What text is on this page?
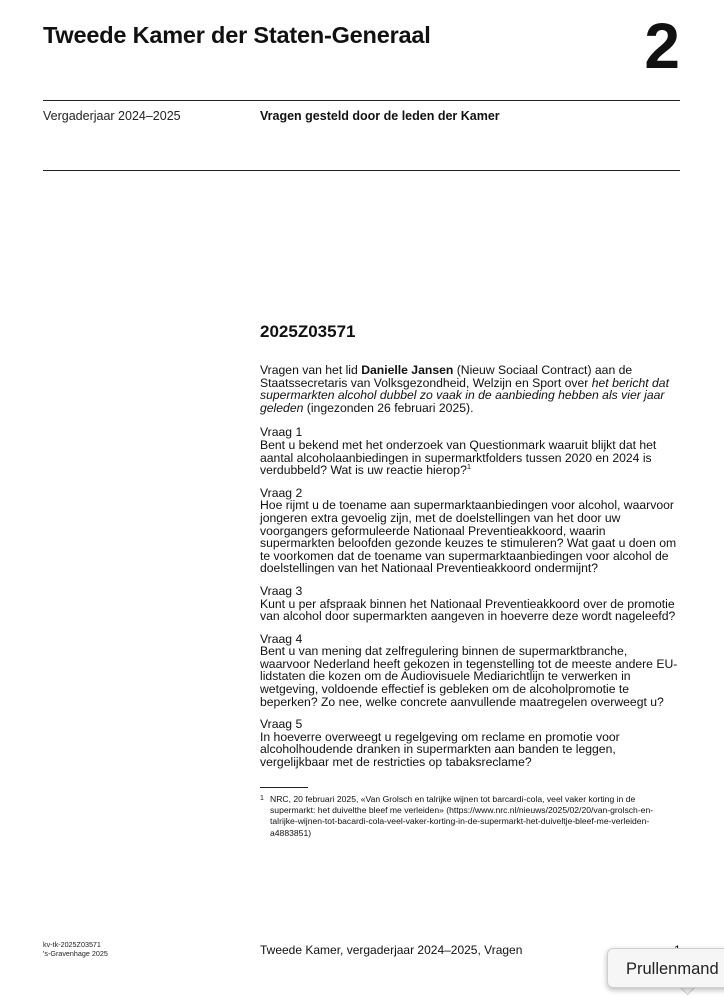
Tweede Kamer der Staten-Generaal	2
Vergaderjaar 2024–2025	Vragen gesteld door de leden der Kamer
2025Z03571

Vragen van het lid Danielle Jansen (Nieuw Sociaal Contract) aan de Staatssecretaris van Volksgezondheid, Welzijn en Sport over het bericht dat supermarkten alcohol dubbel zo vaak in de aanbieding hebben als vier jaar geleden (ingezonden 26 februari 2025).

Vraag 1
Bent u bekend met het onderzoek van Questionmark waaruit blijkt dat het aantal alcoholaanbiedingen in supermarktfolders tussen 2020 en 2024 is verdubbeld? Wat is uw reactie hierop?$^1$
Vraag 2
Hoe rijmt u de toename aan supermarktaanbiedingen voor alcohol, waarvoor jongeren extra gevoelig zijn, met de doelstellingen van het door uw voorgangers geformuleerde Nationaal Preventieakkoord, waarin supermarkten beloofden gezonde keuzes te stimuleren? Wat gaat u doen om te voorkomen dat de toename van supermarktaanbiedingen voor alcohol de doelstellingen van het Nationaal Preventieakkoord ondermijnt?
Vraag 3
Kunt u per afspraak binnen het Nationaal Preventieakkoord over de promotie van alcohol door supermarkten aangeven in hoeverre deze wordt nageleefd?
Vraag 4
Bent u van mening dat zelfregulering binnen de supermarktbranche, waarvoor Nederland heeft gekozen in tegenstelling tot de meeste andere EU-lidstaten die kozen om de Audiovisuele Mediarichtlijn te verwerken in wetgeving, voldoende effectief is gebleken om de alcoholpromotie te beperken? Zo nee, welke concrete aanvullende maatregelen overweegt u?
Vraag 5
In hoeverre overweegt u regelgeving om reclame en promotie voor alcoholhoudende dranken in supermarkten aan banden te leggen, vergelijkbaar met de restricties op tabaksreclame?
1 NRC, 20 februari 2025, «Van Grolsch en talrijke wijnen tot barcardi-cola, veel vaker korting in de supermarkt: het duivelthe bleef me verleiden» (https://www.nrc.nl/nieuws/2025/02/20/van-grolsch-en-talrijke-wijnen-tot-bacardi-cola-veel-vaker-korting-in-de-supermarkt-het-duiveltje-bleef-me-verleiden-a4883851)
kv-tk-2025Z03571
's-Gravenhage 2025	Tweede Kamer, vergaderjaar 2024–2025, Vragen
Prullenmand
